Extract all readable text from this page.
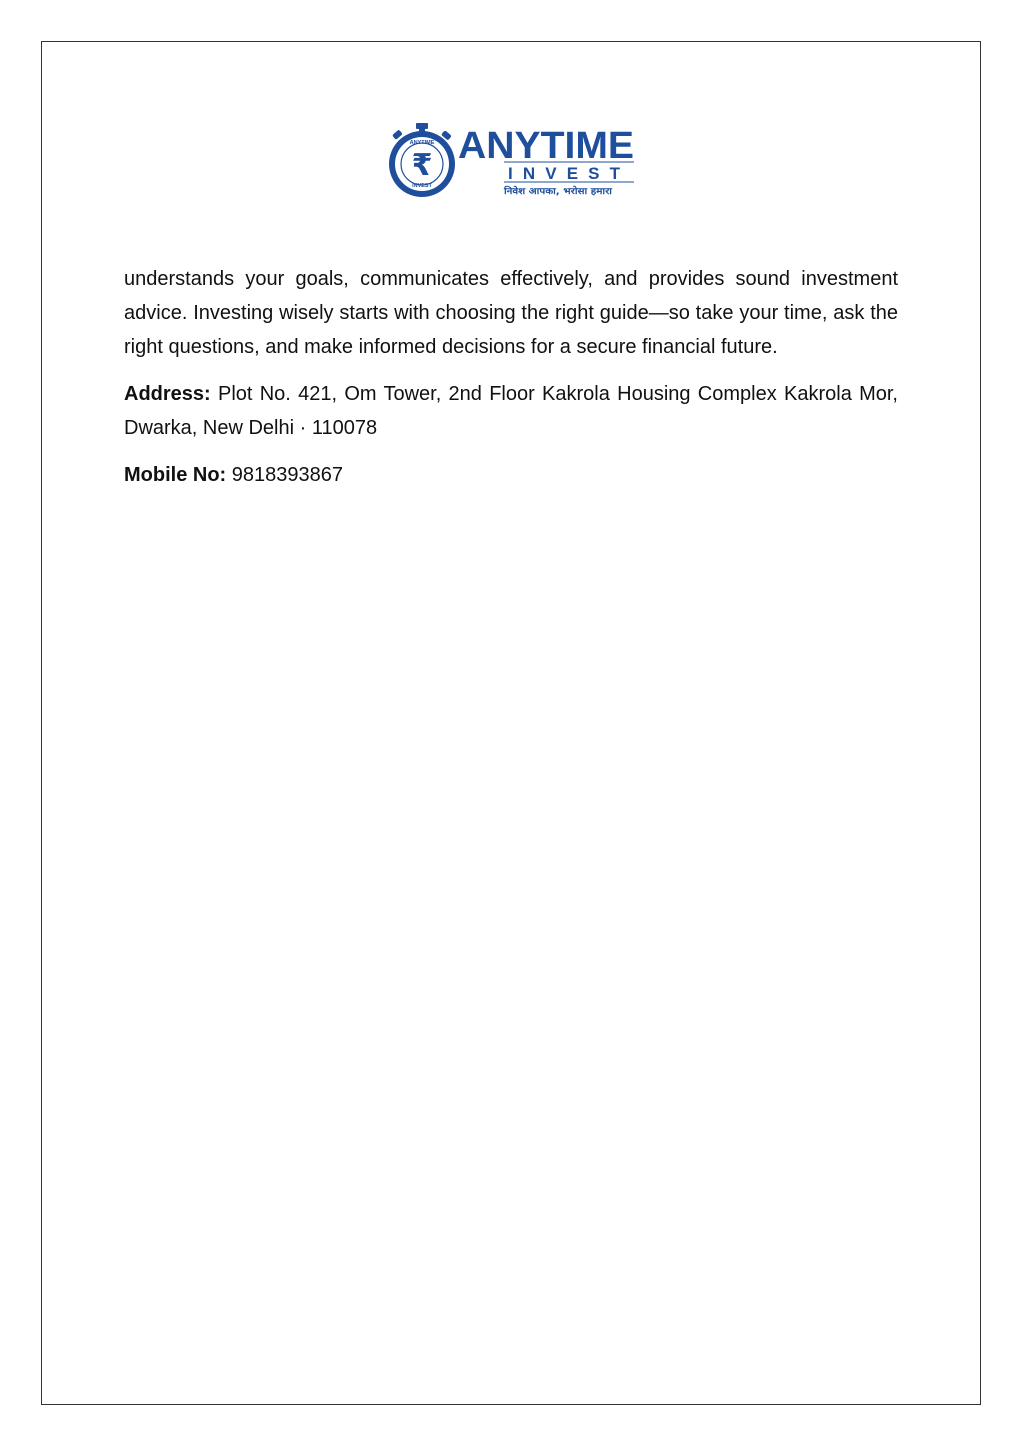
ANYTIME
INVEST
₹ ANYTIME
INVEST
निवेश आपका, भरोसा हमारा

understands your goals, communicates effectively, and provides sound investment advice. Investing wisely starts with choosing the right guide—so take your time, ask the right questions, and make informed decisions for a secure financial future.

Address: Plot No. 421, Om Tower, 2nd Floor Kakrola Housing Complex Kakrola Mor, Dwarka, New Delhi · 110078

Mobile No: 9818393867
